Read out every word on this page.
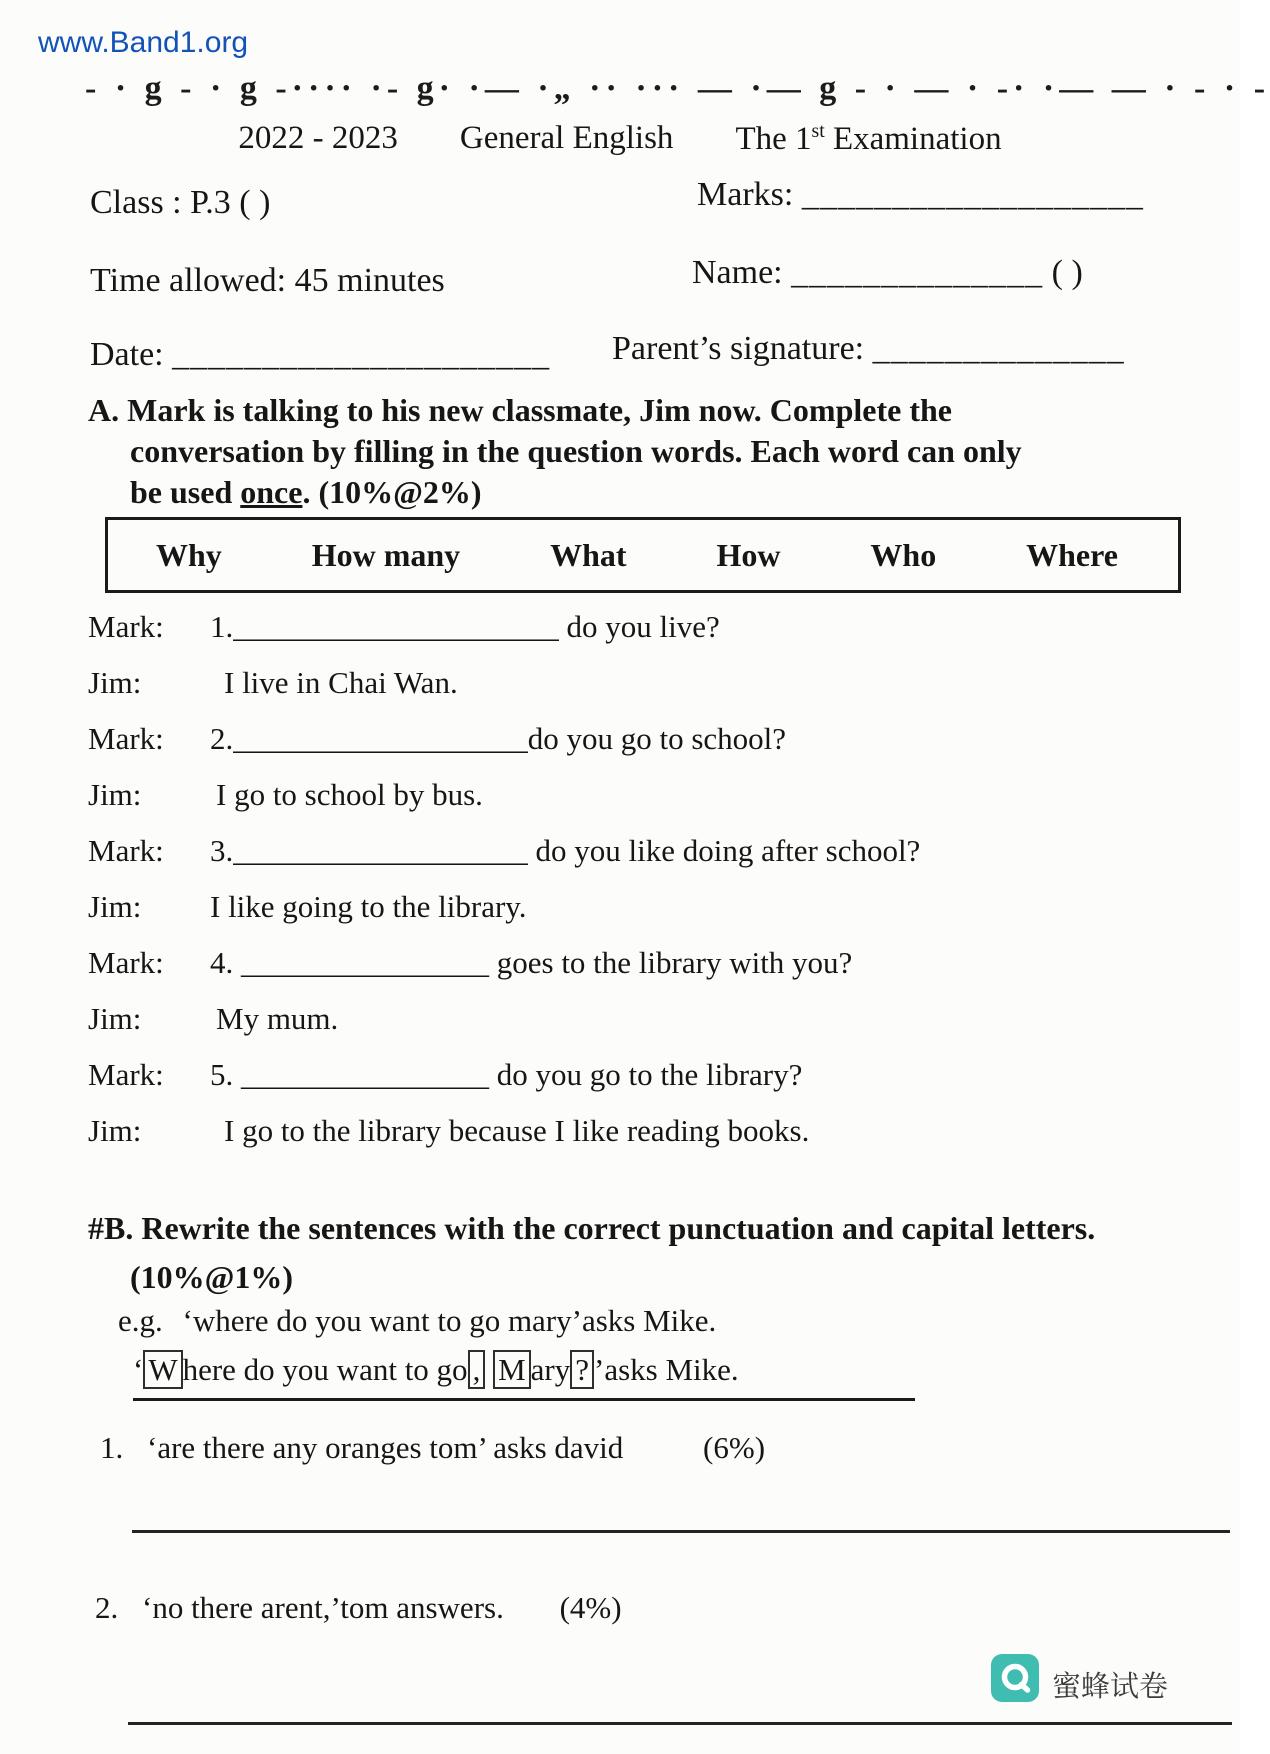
www.Band1.org
- · g - · g -···· ·- g· ·— ·„ ·· ··· — ·— g - · — · -· ·— — · - · -
2022 - 2023 General English The 1st Examination
Class : P.3 ( )	Marks: ___________________
Time allowed: 45 minutes	Name: ______________ ( )
Date: _____________________ Parent’s signature: ______________
A. Mark is talking to his new classmate, Jim now. Complete the conversation by filling in the question words. Each word can only be used once. (10%@2%)
Why	How many	What	How	Who	Where
Mark:	1._____________________ do you live?
Jim:	I live in Chai Wan.
Mark:	2.___________________do you go to school?
Jim:	I go to school by bus.
Mark:	3.___________________ do you like doing after school?
Jim:	I like going to the library.
Mark:	4. ________________ goes to the library with you?
Jim:	My mum.
Mark:	5. ________________ do you go to the library?
Jim:	I go to the library because I like reading books.
#B. Rewrite the sentences with the correct punctuation and capital letters.
(10%@1%)
e.g. ‘where do you want to go mary’asks Mike.
‘ W here do you want to go , M ary ? ’asks Mike.
1. ‘are there any oranges tom’ asks david	(6%)
2. ‘no there arent,’tom answers. (4%)
蜜蜂试卷
